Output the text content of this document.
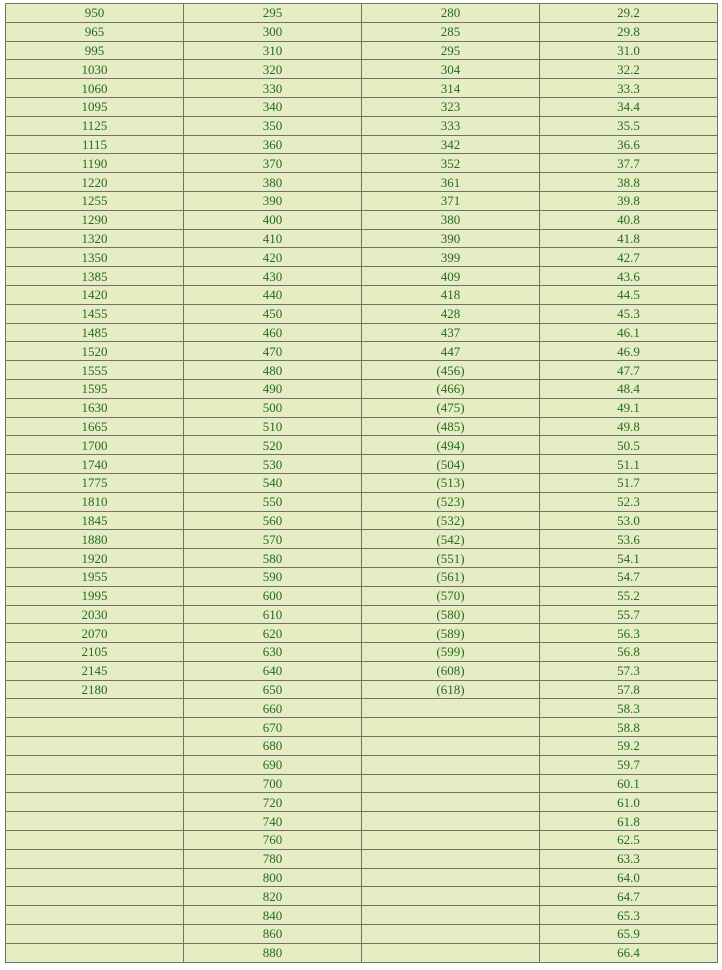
950	295	280	29.2
965	300	285	29.8
995	310	295	31.0
1030	320	304	32.2
1060	330	314	33.3
1095	340	323	34.4
1125	350	333	35.5
1115	360	342	36.6
1190	370	352	37.7
1220	380	361	38.8
1255	390	371	39.8
1290	400	380	40.8
1320	410	390	41.8
1350	420	399	42.7
1385	430	409	43.6
1420	440	418	44.5
1455	450	428	45.3
1485	460	437	46.1
1520	470	447	46.9
1555	480	(456)	47.7
1595	490	(466)	48.4
1630	500	(475)	49.1
1665	510	(485)	49.8
1700	520	(494)	50.5
1740	530	(504)	51.1
1775	540	(513)	51.7
1810	550	(523)	52.3
1845	560	(532)	53.0
1880	570	(542)	53.6
1920	580	(551)	54.1
1955	590	(561)	54.7
1995	600	(570)	55.2
2030	610	(580)	55.7
2070	620	(589)	56.3
2105	630	(599)	56.8
2145	640	(608)	57.3
2180	650	(618)	57.8
	660		58.3
	670		58.8
	680		59.2
	690		59.7
	700		60.1
	720		61.0
	740		61.8
	760		62.5
	780		63.3
	800		64.0
	820		64.7
	840		65.3
	860		65.9
	880		66.4
